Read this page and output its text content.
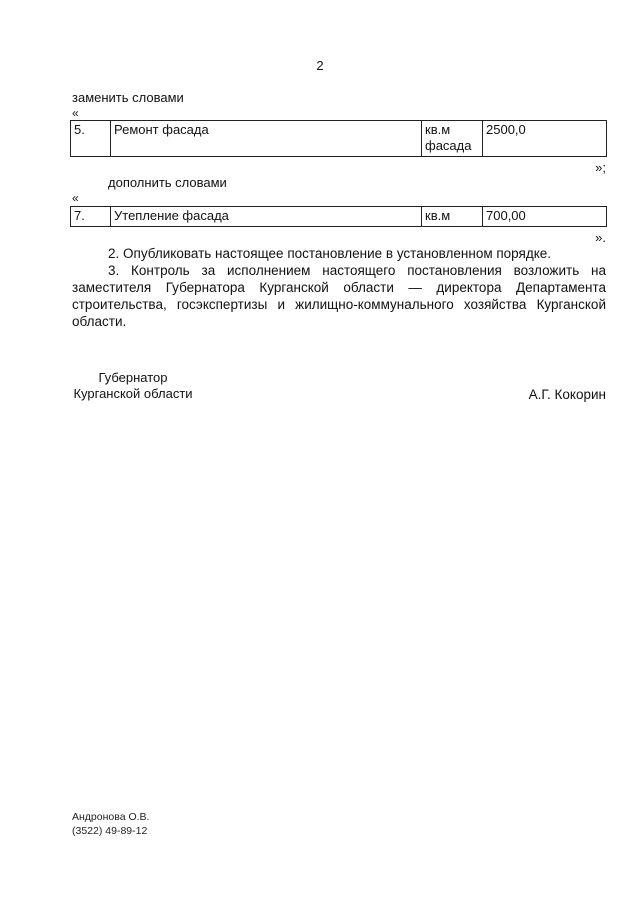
2
заменить словами
«
5.	Ремонт фасада	кв.м фасада	2500,0
»;
дополнить словами
«
7.	Утепление фасада	кв.м	700,00
».

2. Опубликовать настоящее постановление в установленном порядке.

3. Контроль за исполнением настоящего постановления возложить на заместителя Губернатора Курганской области — директора Департамента строительства, госэкспертизы и жилищно-коммунального хозяйства Курганской области.

Губернатор
Курганской области	А.Г. Кокорин
Андронова О.В.
(3522) 49-89-12
